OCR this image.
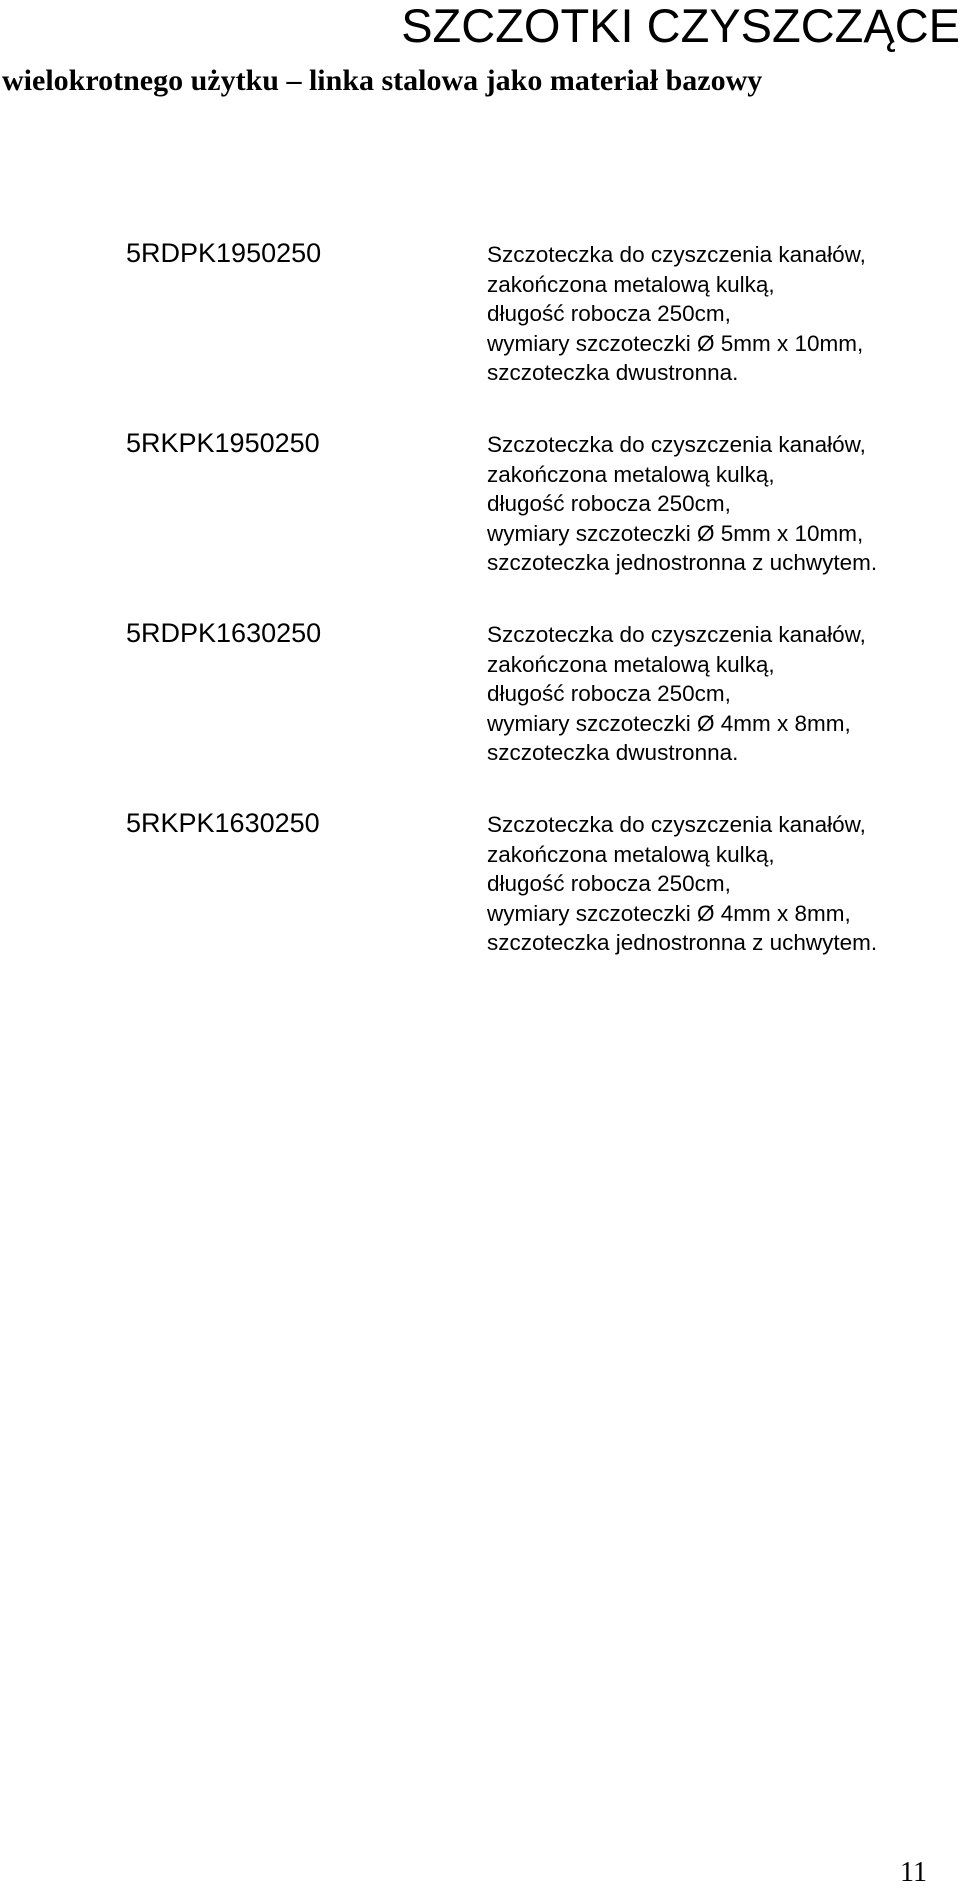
SZCZOTKI CZYSZCZĄCE
wielokrotnego użytku – linka stalowa jako materiał bazowy
5RDPK1950250	Szczoteczka do czyszczenia kanałów,
zakończona metalową kulką,
długość robocza 250cm,
wymiary szczoteczki Ø 5mm x 10mm,
szczoteczka dwustronna.
5RKPK1950250	Szczoteczka do czyszczenia kanałów,
zakończona metalową kulką,
długość robocza 250cm,
wymiary szczoteczki Ø 5mm x 10mm,
szczoteczka jednostronna z uchwytem.
5RDPK1630250	Szczoteczka do czyszczenia kanałów,
zakończona metalową kulką,
długość robocza 250cm,
wymiary szczoteczki Ø 4mm x 8mm,
szczoteczka dwustronna.
5RKPK1630250	Szczoteczka do czyszczenia kanałów,
zakończona metalową kulką,
długość robocza 250cm,
wymiary szczoteczki Ø 4mm x 8mm,
szczoteczka jednostronna z uchwytem.
11
